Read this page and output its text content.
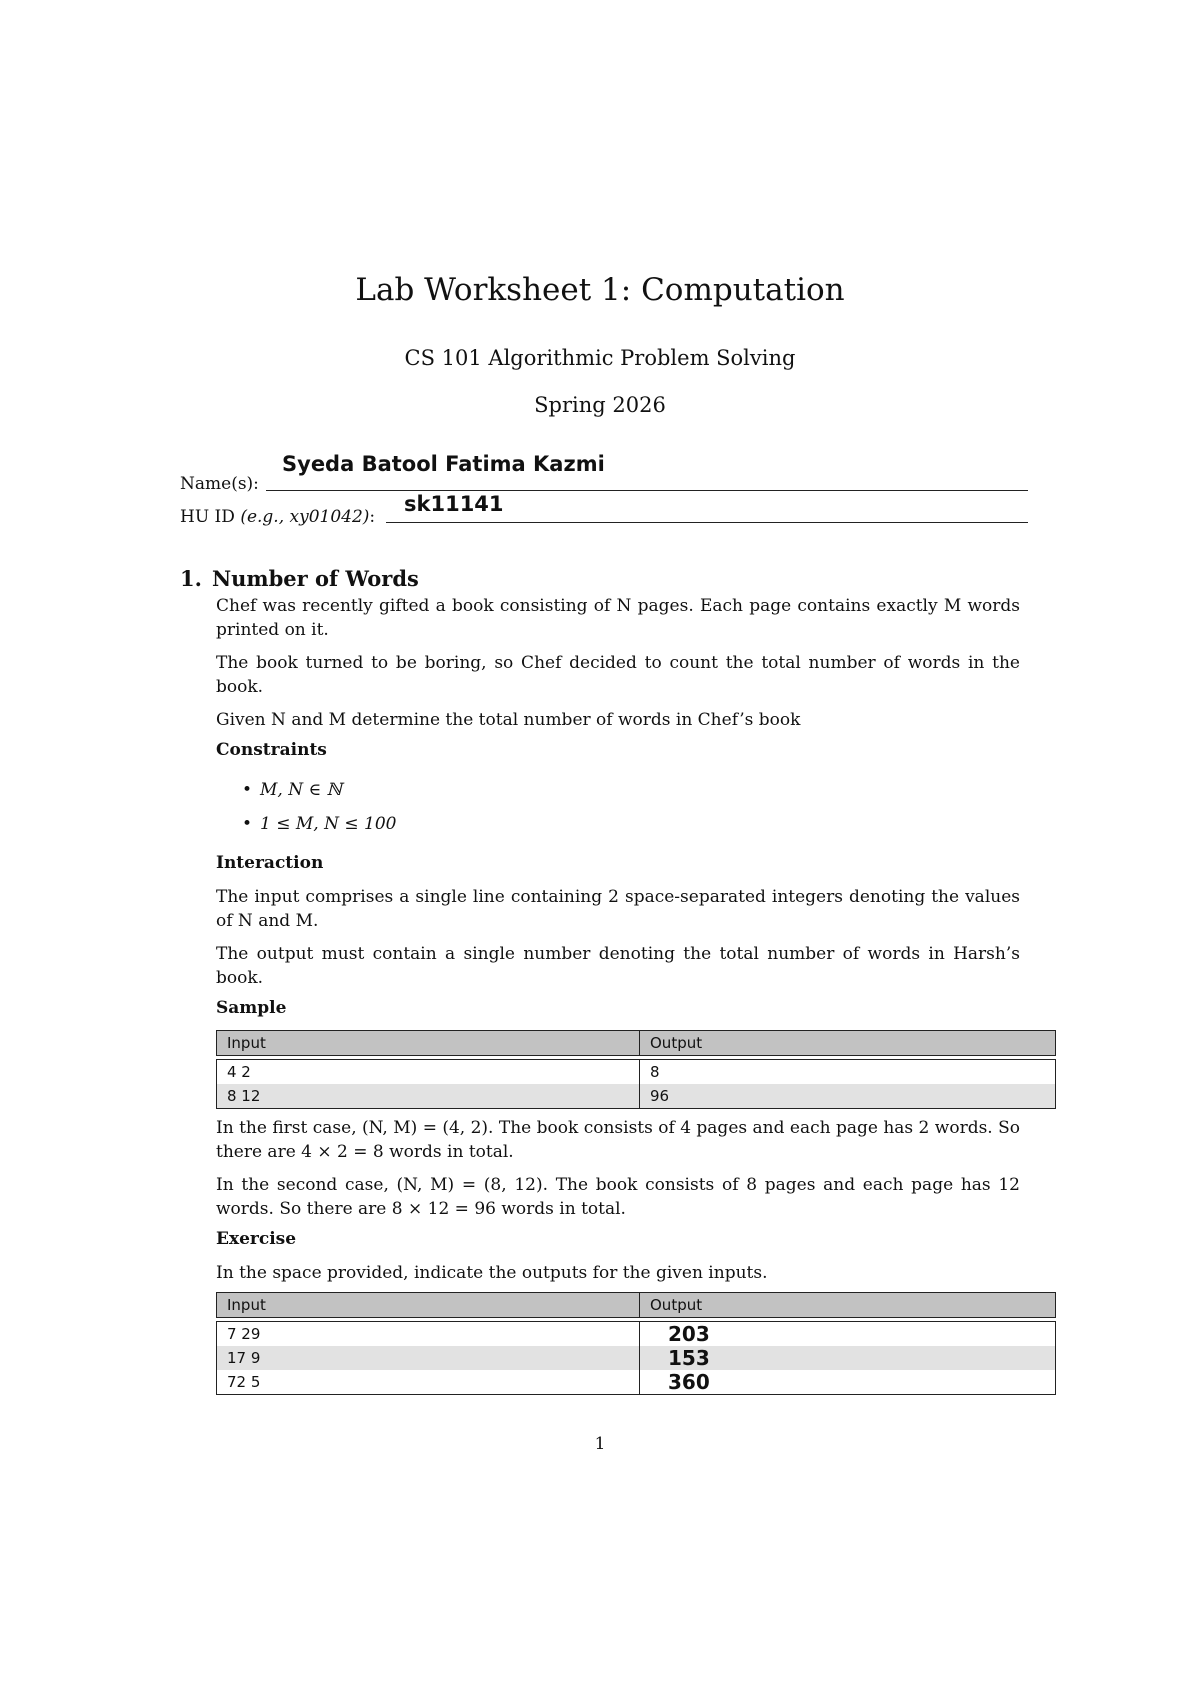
Lab Worksheet 1: Computation
CS 101 Algorithmic Problem Solving
Spring 2026
Name(s):
Syeda Batool Fatima Kazmi
HU ID (e.g., xy01042):
sk11141
1. Number of Words
Chef was recently gifted a book consisting of N pages. Each page contains exactly M words printed on it.
The book turned to be boring, so Chef decided to count the total number of words in the book.
Given N and M determine the total number of words in Chef’s book
Constraints
• M, N ∈ ℕ
• 1 ≤ M, N ≤ 100
Interaction
The input comprises a single line containing 2 space-separated integers denoting the values of N and M.
The output must contain a single number denoting the total number of words in Harsh’s book.
Sample
Input	Output

4 2	8
8 12	96
In the first case, (N, M) = (4, 2). The book consists of 4 pages and each page has 2 words. So there are 4 × 2 = 8 words in total.
In the second case, (N, M) = (8, 12). The book consists of 8 pages and each page has 12 words. So there are 8 × 12 = 96 words in total.
Exercise
In the space provided, indicate the outputs for the given inputs.
Input	Output

7 29	203
17 9	153
72 5	360
1
